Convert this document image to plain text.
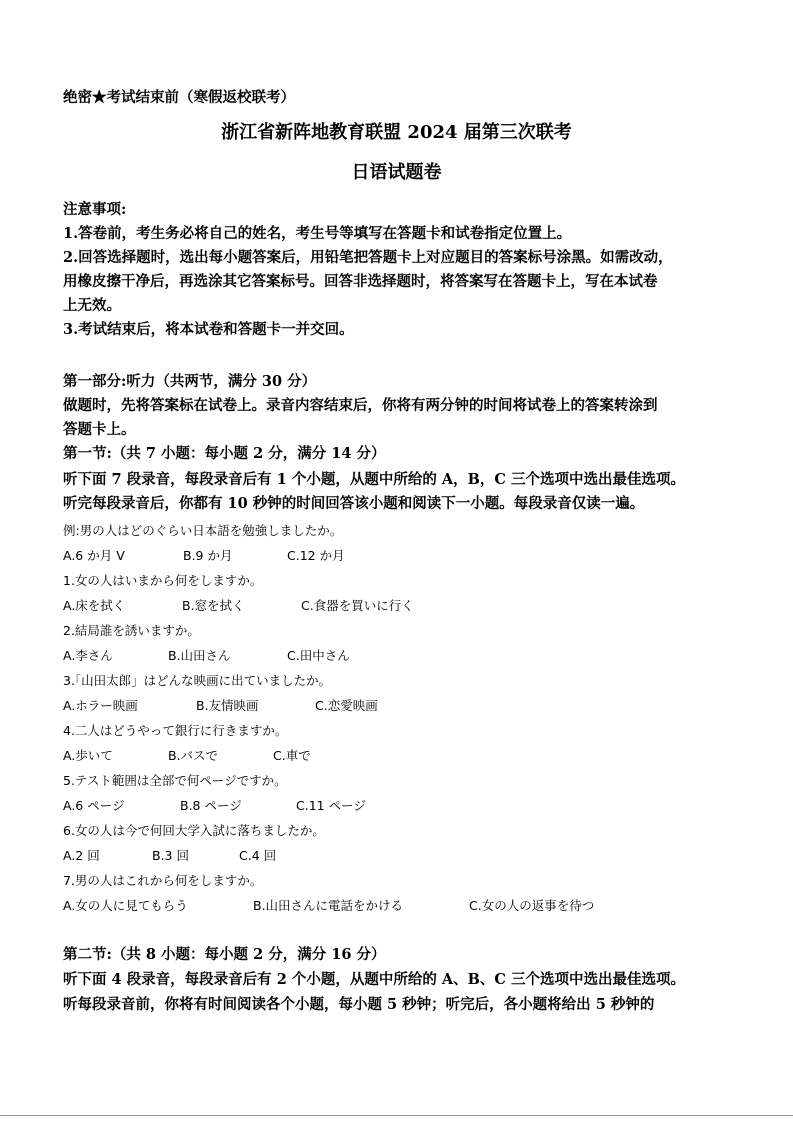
绝密★考试结束前（寒假返校联考）
浙江省新阵地教育联盟 2024 届第三次联考
日语试题卷
注意事项:
1.答卷前，考生务必将自己的姓名，考生号等填写在答题卡和试卷指定位置上。
2.回答选择题时，选出每小题答案后，用铅笔把答题卡上对应题目的答案标号涂黑。如需改动，
用橡皮擦干净后，再选涂其它答案标号。回答非选择题时，将答案写在答题卡上，写在本试卷
上无效。
3.考试结束后，将本试卷和答题卡一并交回。
第一部分:听力（共两节，满分 30 分）
做题时，先将答案标在试卷上。录音内容结束后，你将有两分钟的时间将试卷上的答案转涂到
答题卡上。
第一节:（共 7 小题：每小题 2 分，满分 14 分）
听下面 7 段录音，每段录音后有 1 个小题，从题中所给的 A，B，C 三个选项中选出最佳选项。
听完每段录音后，你都有 10 秒钟的时间回答该小题和阅读下一小题。每段录音仅读一遍。
例:男の人はどのぐらい日本語を勉強しましたか。
A.6 か月 V	B.9 か月	C.12 か月
1.女の人はいまから何をしますか。
A.床を拭く	B.窓を拭く	C.食器を買いに行く
2.結局誰を誘いますか。
A.李さん	B.山田さん	C.田中さん
3.｢山田太郎」はどんな映画に出ていましたか。
A.ホラー映画	B.友情映画	C.恋愛映画
4.二人はどうやって銀行に行きますか。
A.歩いて	B.バスで	C.車で
5.テスト範囲は全部で何ページですか。
A.6 ページ	B.8 ページ	C.11 ページ
6.女の人は今で何回大学入試に落ちましたか。
A.2 回	B.3 回	C.4 回
7.男の人はこれから何をしますか。
A.女の人に見てもらう	B.山田さんに電話をかける	C.女の人の返事を待つ
第二节:（共 8 小题：每小题 2 分，满分 16 分）
听下面 4 段录音，每段录音后有 2 个小题，从题中所给的 A、B、C 三个选项中选出最佳选项。
听每段录音前，你将有时间阅读各个小题，每小题 5 秒钟；听完后，各小题将给出 5 秒钟的
